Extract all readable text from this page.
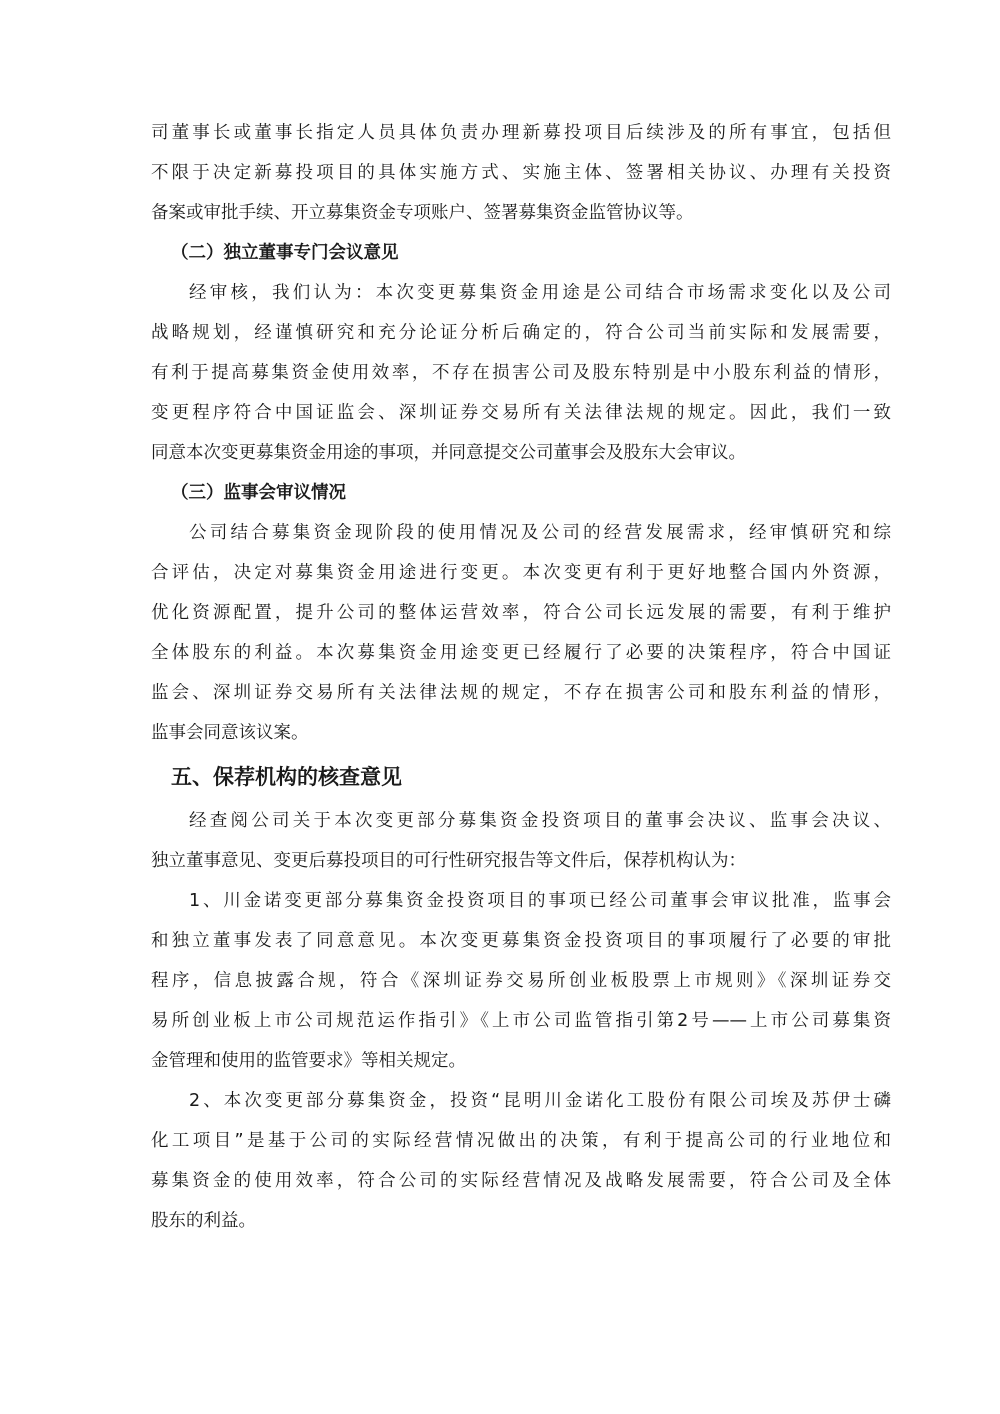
司董事长或董事长指定人员具体负责办理新募投项目后续涉及的所有事宜，包括但
不限于决定新募投项目的具体实施方式、实施主体、签署相关协议、办理有关投资
备案或审批手续、开立募集资金专项账户、签署募集资金监管协议等。
（二）独立董事专门会议意见
经审核，我们认为：本次变更募集资金用途是公司结合市场需求变化以及公司
战略规划，经谨慎研究和充分论证分析后确定的，符合公司当前实际和发展需要，
有利于提高募集资金使用效率，不存在损害公司及股东特别是中小股东利益的情形，
变更程序符合中国证监会、深圳证券交易所有关法律法规的规定。因此，我们一致
同意本次变更募集资金用途的事项，并同意提交公司董事会及股东大会审议。
（三）监事会审议情况
公司结合募集资金现阶段的使用情况及公司的经营发展需求，经审慎研究和综
合评估，决定对募集资金用途进行变更。本次变更有利于更好地整合国内外资源，
优化资源配置，提升公司的整体运营效率，符合公司长远发展的需要，有利于维护
全体股东的利益。本次募集资金用途变更已经履行了必要的决策程序，符合中国证
监会、深圳证券交易所有关法律法规的规定，不存在损害公司和股东利益的情形，
监事会同意该议案。
五、保荐机构的核查意见
经查阅公司关于本次变更部分募集资金投资项目的董事会决议、监事会决议、
独立董事意见、变更后募投项目的可行性研究报告等文件后，保荐机构认为：
1、川金诺变更部分募集资金投资项目的事项已经公司董事会审议批准，监事会
和独立董事发表了同意意见。本次变更募集资金投资项目的事项履行了必要的审批
程序，信息披露合规，符合《深圳证券交易所创业板股票上市规则》《深圳证券交
易所创业板上市公司规范运作指引》《上市公司监管指引第2号——上市公司募集资
金管理和使用的监管要求》等相关规定。
2、本次变更部分募集资金，投资“昆明川金诺化工股份有限公司埃及苏伊士磷
化工项目”是基于公司的实际经营情况做出的决策，有利于提高公司的行业地位和
募集资金的使用效率，符合公司的实际经营情况及战略发展需要，符合公司及全体
股东的利益。
